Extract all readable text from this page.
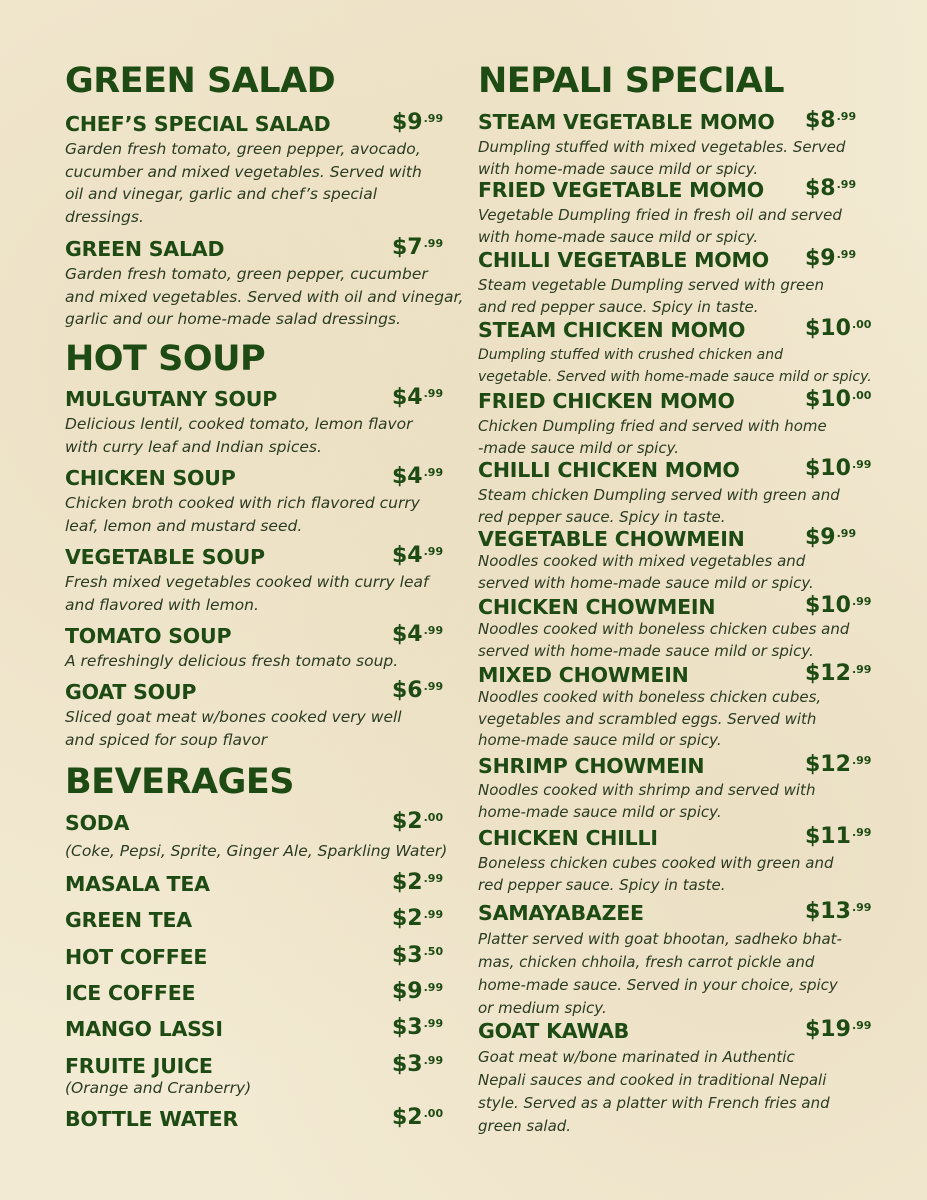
GREEN SALAD
CHEF’S SPECIAL SALAD	$\$9^{.99}$
Garden fresh tomato, green pepper, avocado,
cucumber and mixed vegetables. Served with
oil and vinegar, garlic and chef’s special
dressings.
GREEN SALAD	$\$7^{.99}$
Garden fresh tomato, green pepper, cucumber
and mixed vegetables. Served with oil and vinegar,
garlic and our home-made salad dressings.
HOT SOUP
MULGUTANY SOUP	$\$4^{.99}$
Delicious lentil, cooked tomato, lemon flavor
with curry leaf and Indian spices.
CHICKEN SOUP	$\$4^{.99}$
Chicken broth cooked with rich flavored curry
leaf, lemon and mustard seed.
VEGETABLE SOUP	$\$4^{.99}$
Fresh mixed vegetables cooked with curry leaf
and flavored with lemon.
TOMATO SOUP	$\$4^{.99}$
A refreshingly delicious fresh tomato soup.
GOAT SOUP	$\$6^{.99}$
Sliced goat meat w/bones cooked very well
and spiced for soup flavor
BEVERAGES
SODA	$\$2^{.00}$
(Coke, Pepsi, Sprite, Ginger Ale, Sparkling Water)
MASALA TEA	$\$2^{.99}$
GREEN TEA	$\$2^{.99}$
HOT COFFEE	$\$3^{.50}$
ICE COFFEE	$\$9^{.99}$
MANGO LASSI	$\$3^{.99}$
FRUITE JUICE	$\$3^{.99}$
(Orange and Cranberry)
BOTTLE WATER	$\$2^{.00}$
NEPALI SPECIAL
STEAM VEGETABLE MOMO $\$8^{.99}$
Dumpling stuffed with mixed vegetables. Served
with home-made sauce mild or spicy.
FRIED VEGETABLE MOMO $\$8^{.99}$
Vegetable Dumpling fried in fresh oil and served
with home-made sauce mild or spicy.
CHILLI VEGETABLE MOMO $\$9^{.99}$
Steam vegetable Dumpling served with green
and red pepper sauce. Spicy in taste.
STEAM CHICKEN MOMO	$\$10^{.00}$
Dumpling stuffed with crushed chicken and
vegetable. Served with home-made sauce mild or spicy.
FRIED CHICKEN MOMO	$\$10^{.00}$
Chicken Dumpling fried and served with home
-made sauce mild or spicy.
CHILLI CHICKEN MOMO	$\$10^{.99}$
Steam chicken Dumpling served with green and
red pepper sauce. Spicy in taste.
VEGETABLE CHOWMEIN	$\$9^{.99}$
Noodles cooked with mixed vegetables and
served with home-made sauce mild or spicy.
CHICKEN CHOWMEIN	$\$10^{.99}$
Noodles cooked with boneless chicken cubes and
served with home-made sauce mild or spicy.
MIXED CHOWMEIN	$\$12^{.99}$
Noodles cooked with boneless chicken cubes,
vegetables and scrambled eggs. Served with
home-made sauce mild or spicy.
SHRIMP CHOWMEIN	$\$12^{.99}$
Noodles cooked with shrimp and served with
home-made sauce mild or spicy.
CHICKEN CHILLI	$\$11^{.99}$
Boneless chicken cubes cooked with green and
red pepper sauce. Spicy in taste.
SAMAYABAZEE	$\$13^{.99}$
Platter served with goat bhootan, sadheko bhat-
mas, chicken chhoila, fresh carrot pickle and
home-made sauce. Served in your choice, spicy
or medium spicy.
GOAT KAWAB	$\$19^{.99}$
Goat meat w/bone marinated in Authentic
Nepali sauces and cooked in traditional Nepali
style. Served as a platter with French fries and
green salad.
